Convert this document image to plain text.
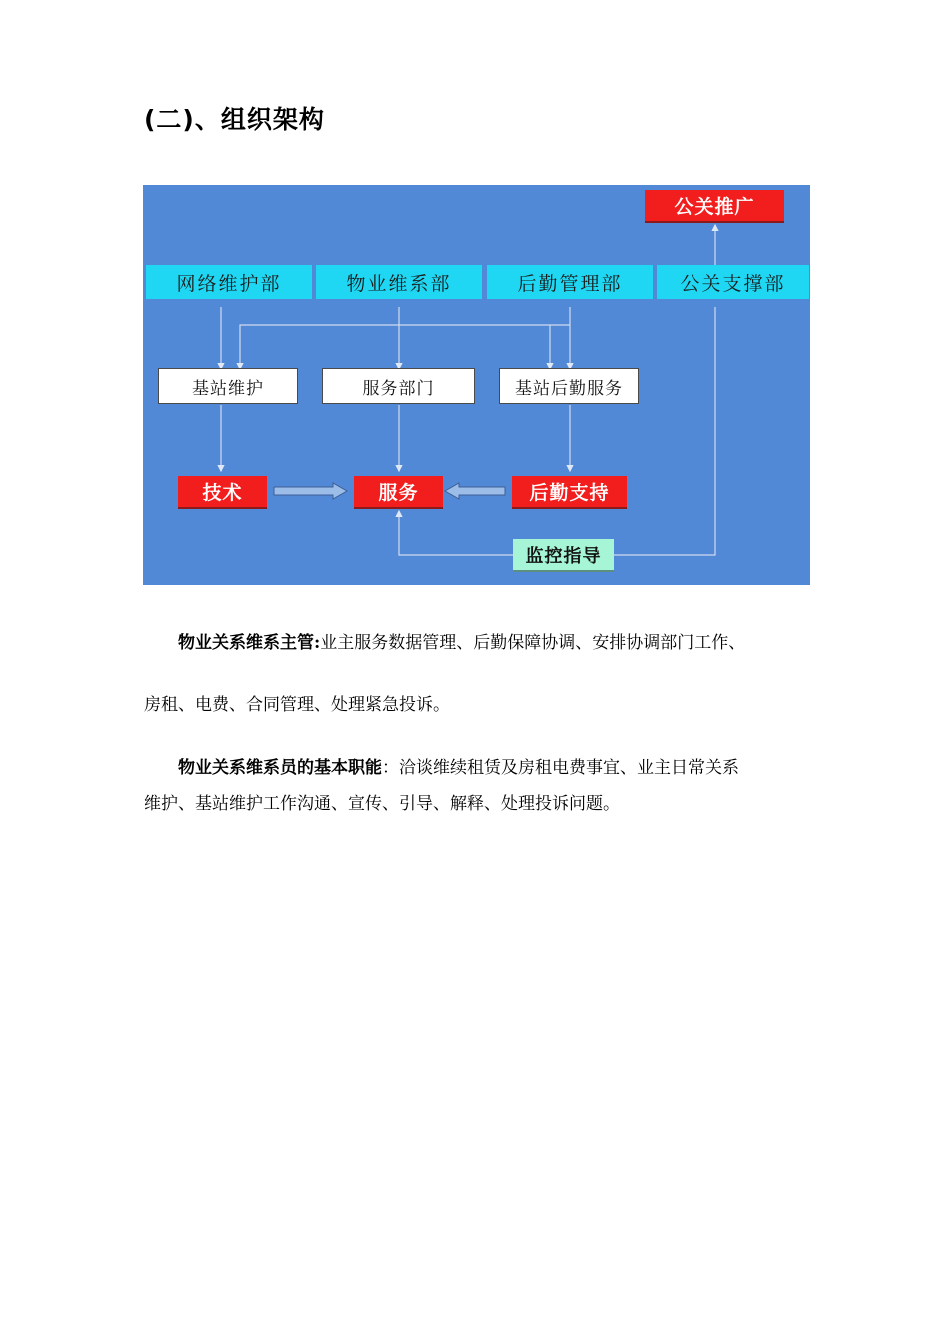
(二)、组织架构
公关推广
网络维护部	物业维系部	后勤管理部	公关支撑部
基站维护	服务部门	基站后勤服务
技术	服务	后勤支持
监控指导
物业关系维系主管:业主服务数据管理、后勤保障协调、安排协调部门工作、
房租、电费、合同管理、处理紧急投诉。
物业关系维系员的基本职能：洽谈维续租赁及房租电费事宜、业主日常关系
维护、基站维护工作沟通、宣传、引导、解释、处理投诉问题。
